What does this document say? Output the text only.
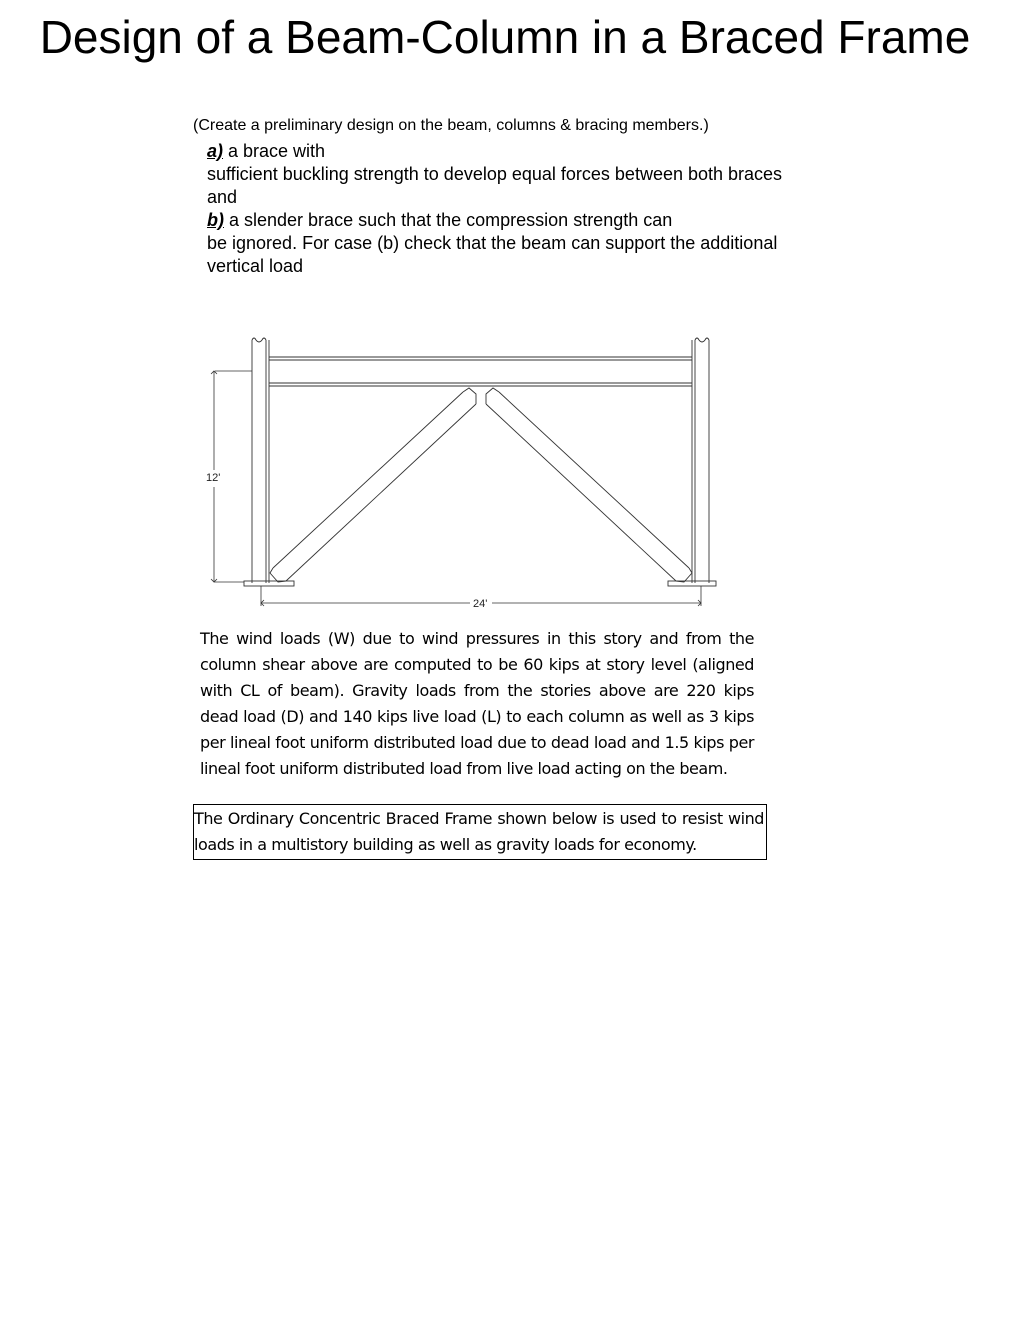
Design of a Beam-Column in a Braced Frame
(Create a preliminary design on the beam, columns & bracing members.)
a) a brace with
sufficient buckling strength to develop equal forces between both braces and
b) a slender brace such that the compression strength can
be ignored. For case (b) check that the beam can support the additional vertical load
12'
24'
The wind loads (W) due to wind pressures in this story and from the column shear above are computed to be 60 kips at story level (aligned with CL of beam). Gravity loads from the stories above are 220 kips dead load (D) and 140 kips live load (L) to each column as well as 3 kips per lineal foot uniform distributed load due to dead load and 1.5 kips per lineal foot uniform distributed load from live load acting on the beam.
The Ordinary Concentric Braced Frame shown below is used to resist wind loads in a multistory building as well as gravity loads for economy.
